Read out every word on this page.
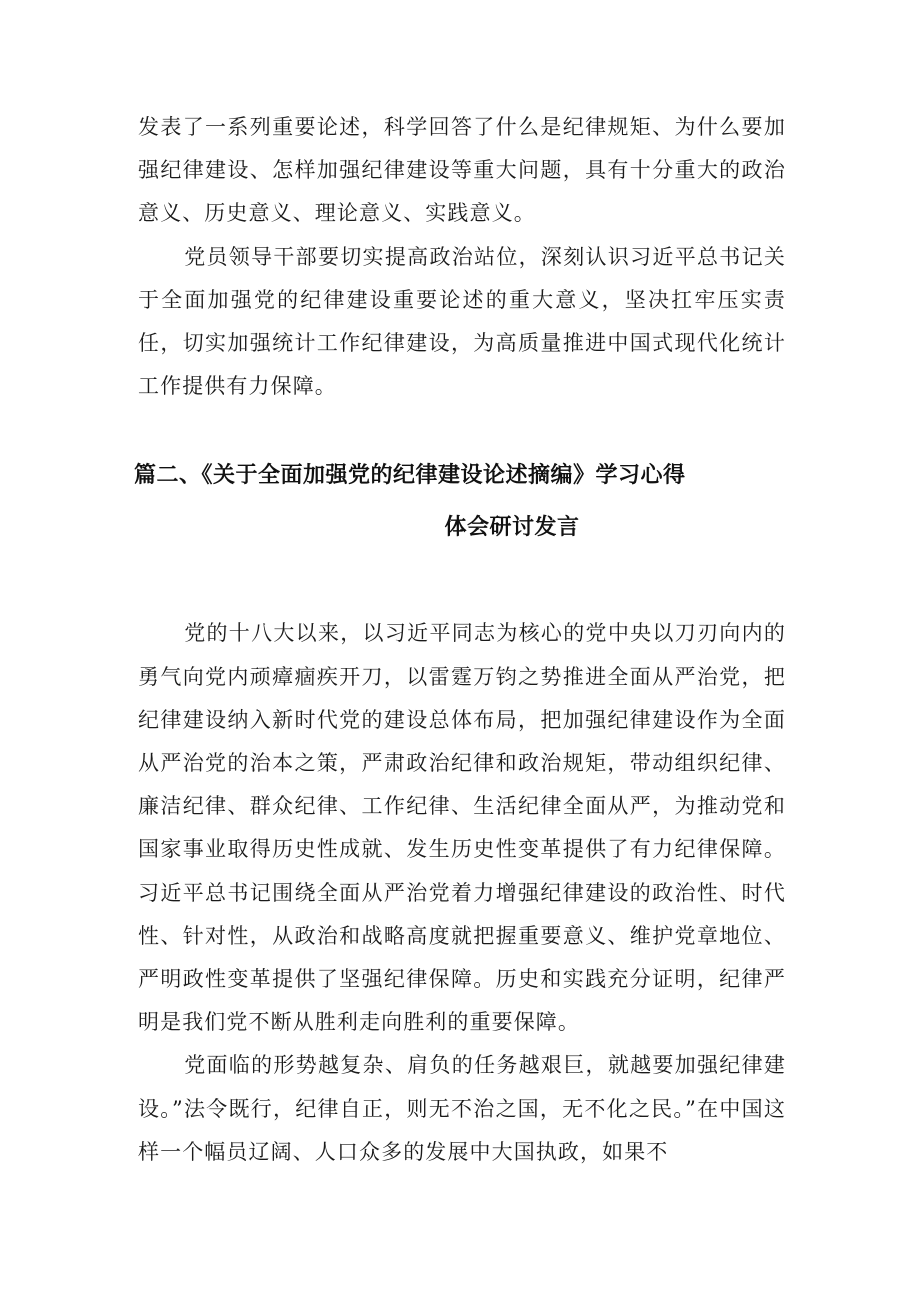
发表了一系列重要论述，科学回答了什么是纪律规矩、为什么要加强纪律建设、怎样加强纪律建设等重大问题，具有十分重大的政治意义、历史意义、理论意义、实践意义。

党员领导干部要切实提高政治站位，深刻认识习近平总书记关于全面加强党的纪律建设重要论述的重大意义，坚决扛牢压实责任，切实加强统计工作纪律建设，为高质量推进中国式现代化统计工作提供有力保障。

篇二、《关于全面加强党的纪律建设论述摘编》学习心得
体会研讨发言

党的十八大以来，以习近平同志为核心的党中央以刀刃向内的勇气向党内顽瘴痼疾开刀，以雷霆万钧之势推进全面从严治党，把纪律建设纳入新时代党的建设总体布局，把加强纪律建设作为全面从严治党的治本之策，严肃政治纪律和政治规矩，带动组织纪律、廉洁纪律、群众纪律、工作纪律、生活纪律全面从严，为推动党和国家事业取得历史性成就、发生历史性变革提供了有力纪律保障。习近平总书记围绕全面从严治党着力增强纪律建设的政治性、时代性、针对性，从政治和战略高度就把握重要意义、维护党章地位、严明政性变革提供了坚强纪律保障。历史和实践充分证明，纪律严明是我们党不断从胜利走向胜利的重要保障。

党面临的形势越复杂、肩负的任务越艰巨，就越要加强纪律建设。”法令既行，纪律自正，则无不治之国，无不化之民。”在中国这样一个幅员辽阔、人口众多的发展中大国执政，如果不
